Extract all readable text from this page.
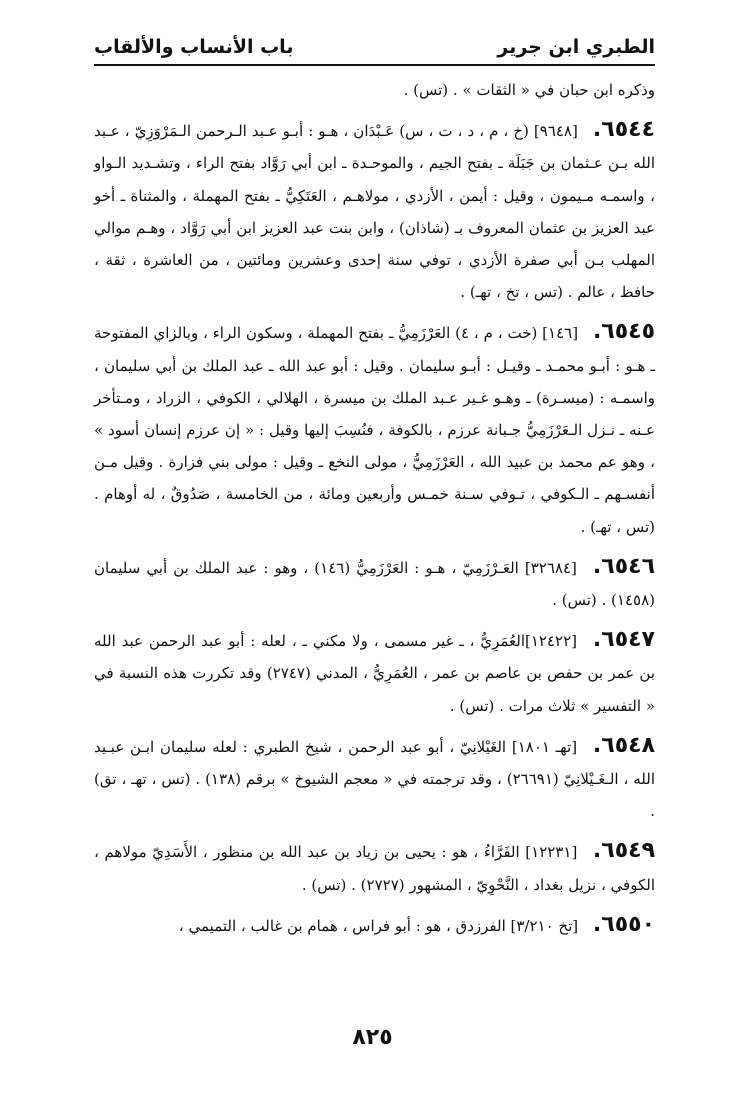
الطبري ابن جرير
باب الأنساب والألقاب

وذكره ابن حبان في « الثقات » . (تس) .

٦٥٤٤. [٩٦٤٨] (خ ، م ، د ، ت ، س) عَـبْدَان ، هـو : أبـو عـبد الـرحمن الـمَرْوَزِيّ ، عـبد الله بـن عـثمان بن جَبَلَة ـ بفتح الجيم ، والموحـدة ـ ابن أبي رَوَّاد بفتح الراء ، وتشـديد الـواو ، واسمـه مـيمون ، وقيل : أيمن ، الأزدي ، مولاهـم ، العَتَكِيُّ ـ بفتح المهملة ، والمثناة ـ أخو عبد العزيز بن عثمان المعروف بـ (شاذان) ، وابن بنت عبد العزيز ابن أبي رَوَّاد ، وهـم موالي المهلب بـن أبي صفرة الأزدي ، توفي سنة إحدى وعشرين ومائتين ، من العاشرة ، ثقة ، حافظ ، عالم . (تس ، تخ ، تهـ) .

٦٥٤٥. [١٤٦] (خت ، م ، ٤) العَرْزَمِيُّ ـ بفتح المهملة ، وسكون الراء ، وبالزاي المفتوحة ـ هـو : أبـو محمـد ـ وقيـل : أبـو سليمان . وقيل : أبو عبد الله ـ عبد الملك بن أبي سليمان ، واسمـه : (ميسـرة) ـ وهـو غـير عـبد الملك بن ميسرة ، الهلالي ، الكوفي ، الزراد ، ومـتأخر عـنه ـ نـزل الـعَرْزَمِيُّ جـبانة عرزم ، بالكوفة ، فنُسِبَ إليها وقيل : « إن عرزم إنسان أسود » ، وهو عم محمد بن عبيد الله ، العَرْزَمِيُّ ، مولى النخع ـ وقيل : مولى بني فزارة . وقيل مـن أنفسـهم ـ الـكوفي ، تـوفي سـنة خمـس وأربعين ومائة ، من الخامسة ، صَدُوقٌ ، له أوهام . (تس ، تهـ) .

٦٥٤٦. [٣٢٦٨٤] العَـرْزَمِيّ ، هـو : العَرْزَمِيُّ (١٤٦) ، وهو : عبد الملك بن أبي سليمان (١٤٥٨) . (تس) .

٦٥٤٧. [١٢٤٢٢]العُمَرِيُّ ، ـ غير مسمى ، ولا مكني ـ ، لعله : أبو عبد الرحمن عبد الله بن عمر بن حفص بن عاصم بن عمر ، العُمَرِيُّ ، المدني (٢٧٤٧) وقد تكررت هذه النسبة في « التفسير » ثلاث مرات . (تس) .

٦٥٤٨. [تهـ ١٨٠١] الغَيْلانِيّ ، أبو عبد الرحمن ، شيخ الطبري : لعله سليمان ابـن عبـيد الله ، الـغَـيْلانِيّ (٢٦٦٩١) ، وقد ترجمته في « معجم الشيوخ » برقم (١٣٨) . (تس ، تهـ ، تق) .

٦٥٤٩. [١٢٢٣١] الفَرَّاءُ ، هو : يحيى بن زياد بن عبد الله بن منظور ، الأَسَدِيّ مولاهم ، الكوفي ، نزيل بغداد ، النَّحْوِيّ ، المشهور (٢٧٢٧) . (تس) .

٦٥٥٠. [تخ ٣/٢١٠] الفرزدق ، هو : أبو فراس ، همام بن غالب ، التميمي ،

٨٢٥
